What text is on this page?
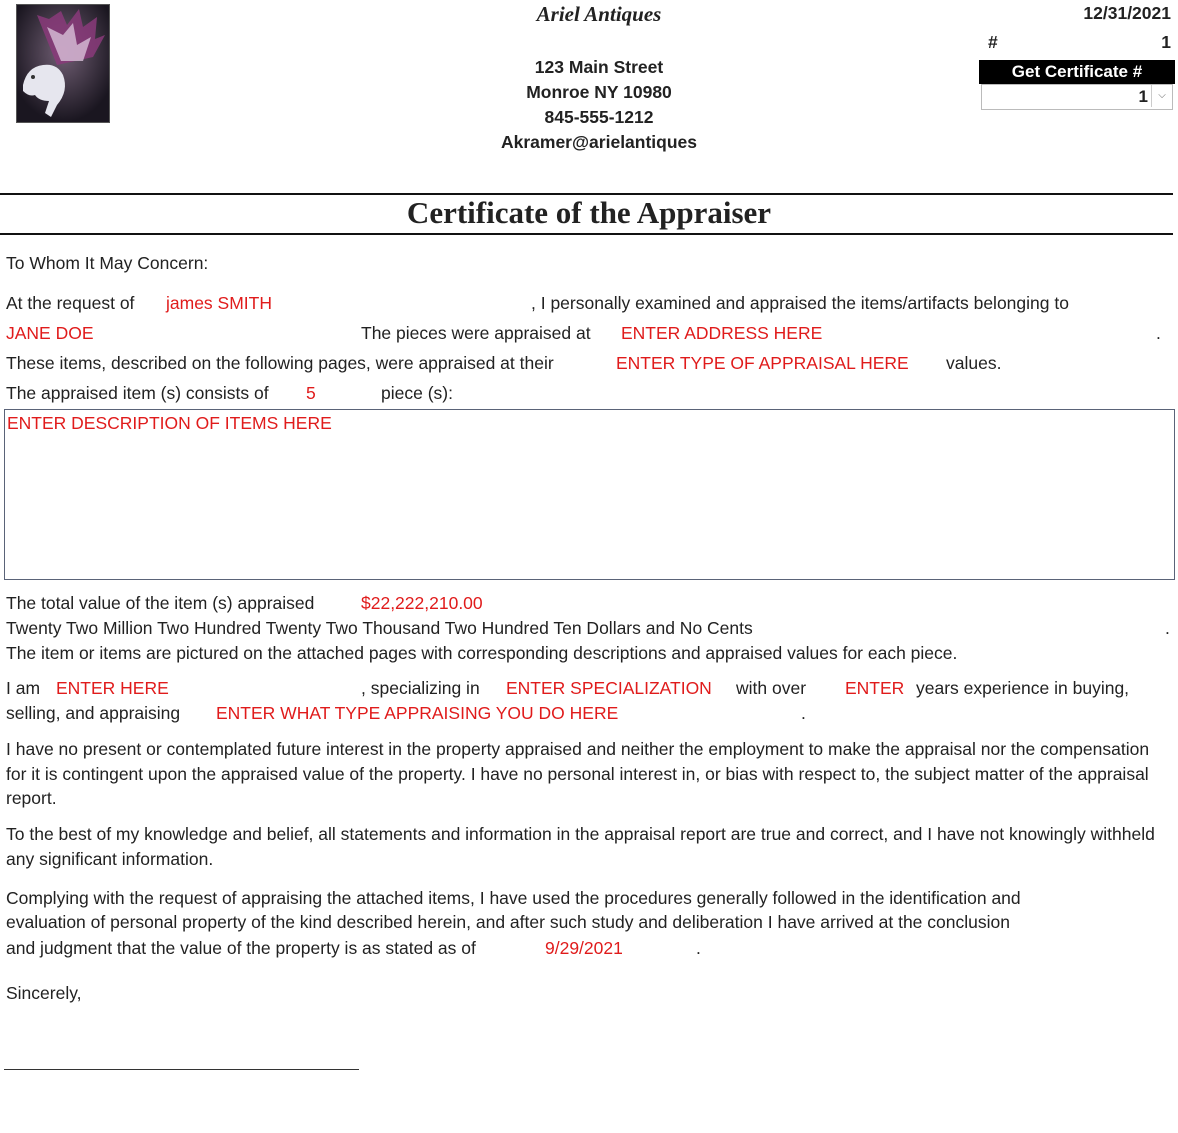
Ariel Antiques
123 Main Street
Monroe NY 10980
845-555-1212
Akramer@arielantiques
12/31/2021
#	1
Get Certificate #
1	⌵
Certificate of the Appraiser
To Whom It May Concern:
At the request of james SMITH	, I personally examined and appraised the items/artifacts belonging to
JANE DOE	The pieces were appraised at ENTER ADDRESS HERE	.
These items, described on the following pages, were appraised at their	ENTER TYPE OF APPRAISAL HERE values.
The appraised item (s) consists of 5	piece (s):
ENTER DESCRIPTION OF ITEMS HERE
The total value of the item (s) appraised	$22,222,210.00
Twenty Two Million Two Hundred Twenty Two Thousand Two Hundred Ten Dollars and No Cents	.
The item or items are pictured on the attached pages with corresponding descriptions and appraised values for each piece.
I am ENTER HERE	, specializing in ENTER SPECIALIZATION with over ENTER years experience in buying,
selling, and appraising ENTER WHAT TYPE APPRAISING YOU DO HERE	.
I have no present or contemplated future interest in the property appraised and neither the employment to make the appraisal nor the compensation for it is contingent upon the appraised value of the property. I have no personal interest in, or bias with respect to, the subject matter of the appraisal report.
To the best of my knowledge and belief, all statements and information in the appraisal report are true and correct, and I have not knowingly withheld any significant information.
Complying with the request of appraising the attached items, I have used the procedures generally followed in the identification and
evaluation of personal property of the kind described herein, and after such study and deliberation I have arrived at the conclusion
and judgment that the value of the property is as stated as of	9/29/2021	.
Sincerely,
